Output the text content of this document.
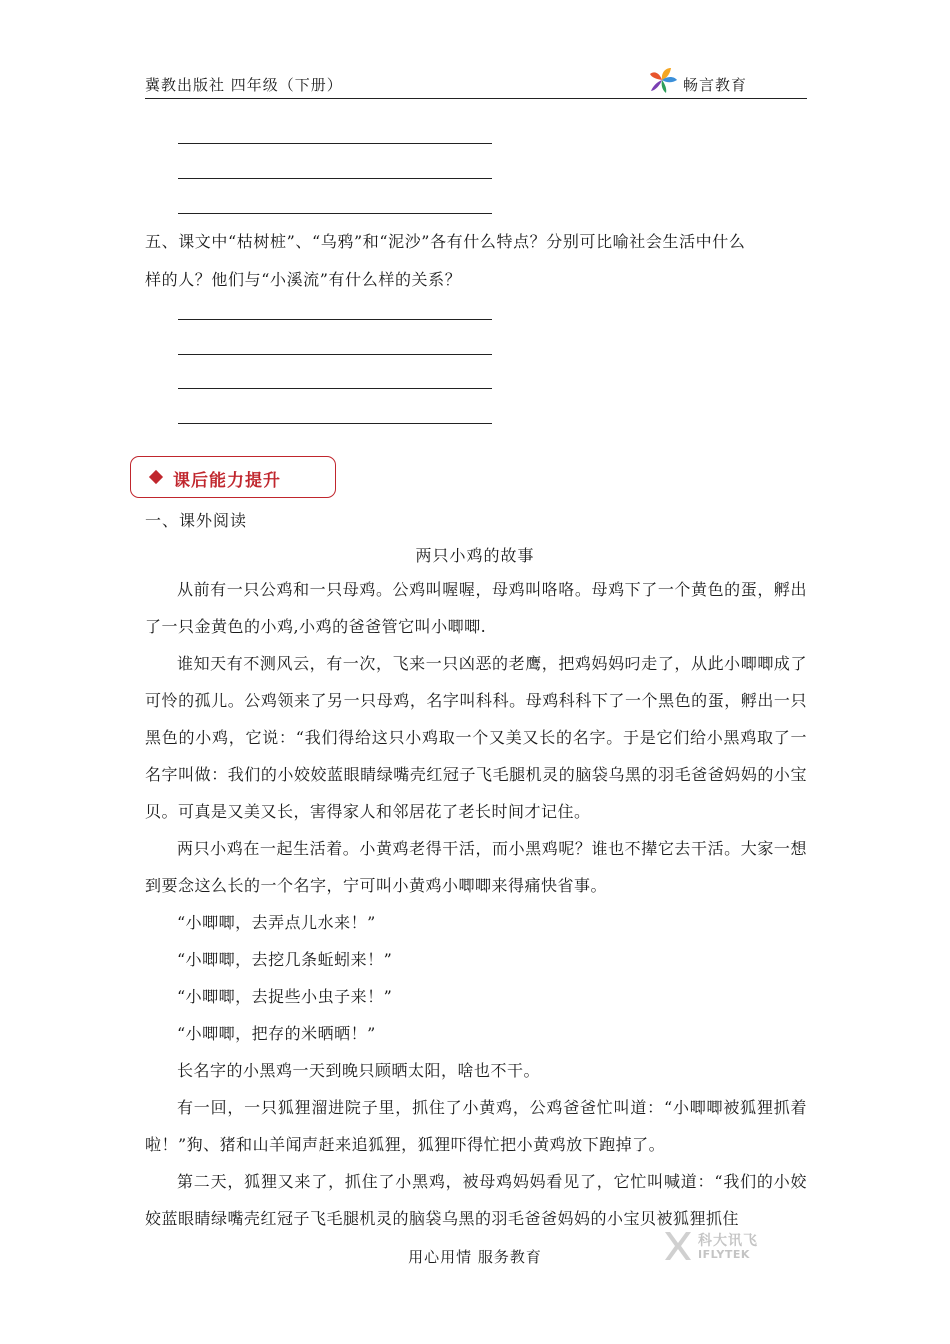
冀教出版社 四年级（下册）	畅言教育
五、课文中“枯树桩”、“乌鸦”和“泥沙”各有什么特点？分别可比喻社会生活中什么
样的人？他们与“小溪流”有什么样的关系？
课后能力提升
一、课外阅读
两只小鸡的故事

从前有一只公鸡和一只母鸡。公鸡叫喔喔，母鸡叫咯咯。母鸡下了一个黄色的蛋，孵出了一只金黄色的小鸡,小鸡的爸爸管它叫小唧唧.

谁知天有不测风云，有一次，飞来一只凶恶的老鹰，把鸡妈妈叼走了，从此小唧唧成了可怜的孤儿。公鸡领来了另一只母鸡，名字叫科科。母鸡科科下了一个黑色的蛋，孵出一只黑色的小鸡，它说：“我们得给这只小鸡取一个又美又长的名字。于是它们给小黑鸡取了一名字叫做：我们的小姣姣蓝眼睛绿嘴壳红冠子飞毛腿机灵的脑袋乌黑的羽毛爸爸妈妈的小宝贝。可真是又美又长，害得家人和邻居花了老长时间才记住。

两只小鸡在一起生活着。小黄鸡老得干活，而小黑鸡呢？谁也不撵它去干活。大家一想到要念这么长的一个名字，宁可叫小黄鸡小唧唧来得痛快省事。

“小唧唧，去弄点儿水来！”

“小唧唧，去挖几条蚯蚓来！”

“小唧唧，去捉些小虫子来！”

“小唧唧，把存的米晒晒！”

长名字的小黑鸡一天到晚只顾晒太阳，啥也不干。

有一回，一只狐狸溜进院子里，抓住了小黄鸡，公鸡爸爸忙叫道：“小唧唧被狐狸抓着啦！”狗、猪和山羊闻声赶来追狐狸，狐狸吓得忙把小黄鸡放下跑掉了。

第二天，狐狸又来了，抓住了小黑鸡，被母鸡妈妈看见了，它忙叫喊道：“我们的小姣姣蓝眼睛绿嘴壳红冠子飞毛腿机灵的脑袋乌黑的羽毛爸爸妈妈的小宝贝被狐狸抓住

用心用情 服务教育
科大讯飞
IFLYTEK
